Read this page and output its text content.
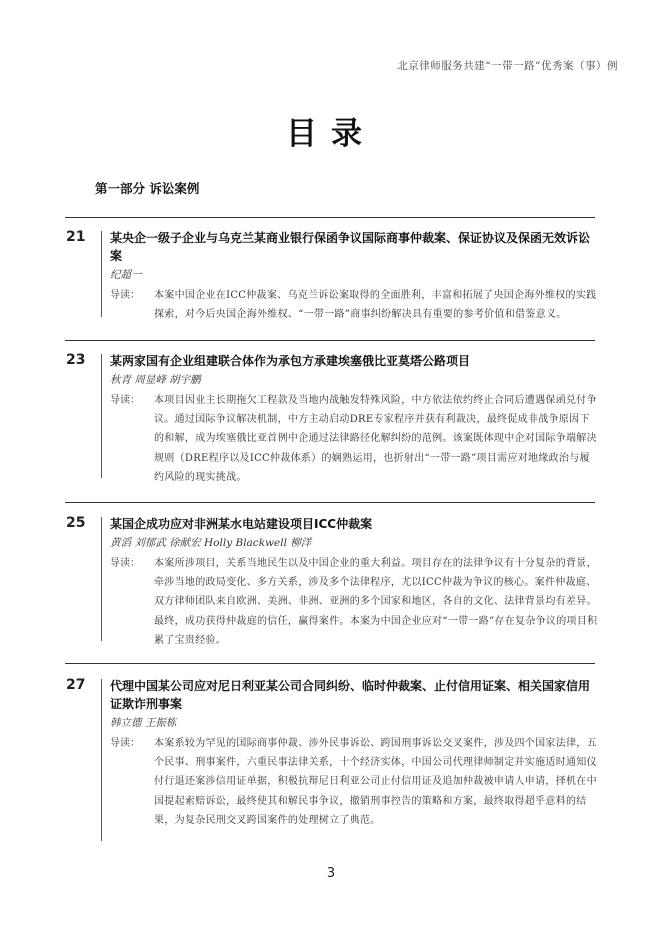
北京律师服务共建“一带一路”优秀案（事）例
目录
第一部分 诉讼案例
21	某央企一级子企业与乌克兰某商业银行保函争议国际商事仲裁案、保证协议及保函无效诉讼案
纪超一
导读： 本案中国企业在ICC仲裁案、乌克兰诉讼案取得的全面胜利，丰富和拓展了央国企海外维权的实践探索，对今后央国企海外维权、“一带一路”商事纠纷解决具有重要的参考价值和借鉴意义。
23	某两家国有企业组建联合体作为承包方承建埃塞俄比亚莫塔公路项目
秋青 周显峰 胡宇鹏
导读： 本项目因业主长期拖欠工程款及当地内战触发特殊风险，中方依法依约终止合同后遭遇保函兑付争议。通过国际争议解决机制，中方主动启动DRE专家程序并获有利裁决，最终促成非战争原因下的和解，成为埃塞俄比亚首例中企通过法律路径化解纠纷的范例。该案既体现中企对国际争端解决规则（DRE程序以及ICC仲裁体系）的娴熟运用，也折射出“一带一路”项目需应对地缘政治与履约风险的现实挑战。
25	某国企成功应对非洲某水电站建设项目ICC仲裁案
黄滔 刘郁武 徐献宏 Holly Blackwell 柳洋
导读： 本案所涉项目，关系当地民生以及中国企业的重大利益。项目存在的法律争议有十分复杂的背景，牵涉当地的政局变化、多方关系，涉及多个法律程序，尤以ICC仲裁为争议的核心。案件仲裁庭、双方律师团队来自欧洲、美洲、非洲、亚洲的多个国家和地区，各自的文化、法律背景均有差异。最终，成功获得仲裁庭的信任，赢得案件。本案为中国企业应对“一带一路”存在复杂争议的项目积累了宝贵经验。
27	代理中国某公司应对尼日利亚某公司合同纠纷、临时仲裁案、止付信用证案、相关国家信用证欺诈刑事案
韩立德 王振栋
导读： 本案系较为罕见的国际商事仲裁、涉外民事诉讼、跨国刑事诉讼交叉案件，涉及四个国家法律，五个民事、刑事案件，六重民事法律关系，十个经济实体，中国公司代理律师制定并实施适时通知仪付行退还案涉信用证单据，积极抗辩尼日利亚公司止付信用证及追加仲裁被申请人申请，择机在中国提起索赔诉讼，最终使其和解民事争议，撤销刑事控告的策略和方案，最终取得超乎意料的结果，为复杂民刑交叉跨国案件的处理树立了典范。
3
